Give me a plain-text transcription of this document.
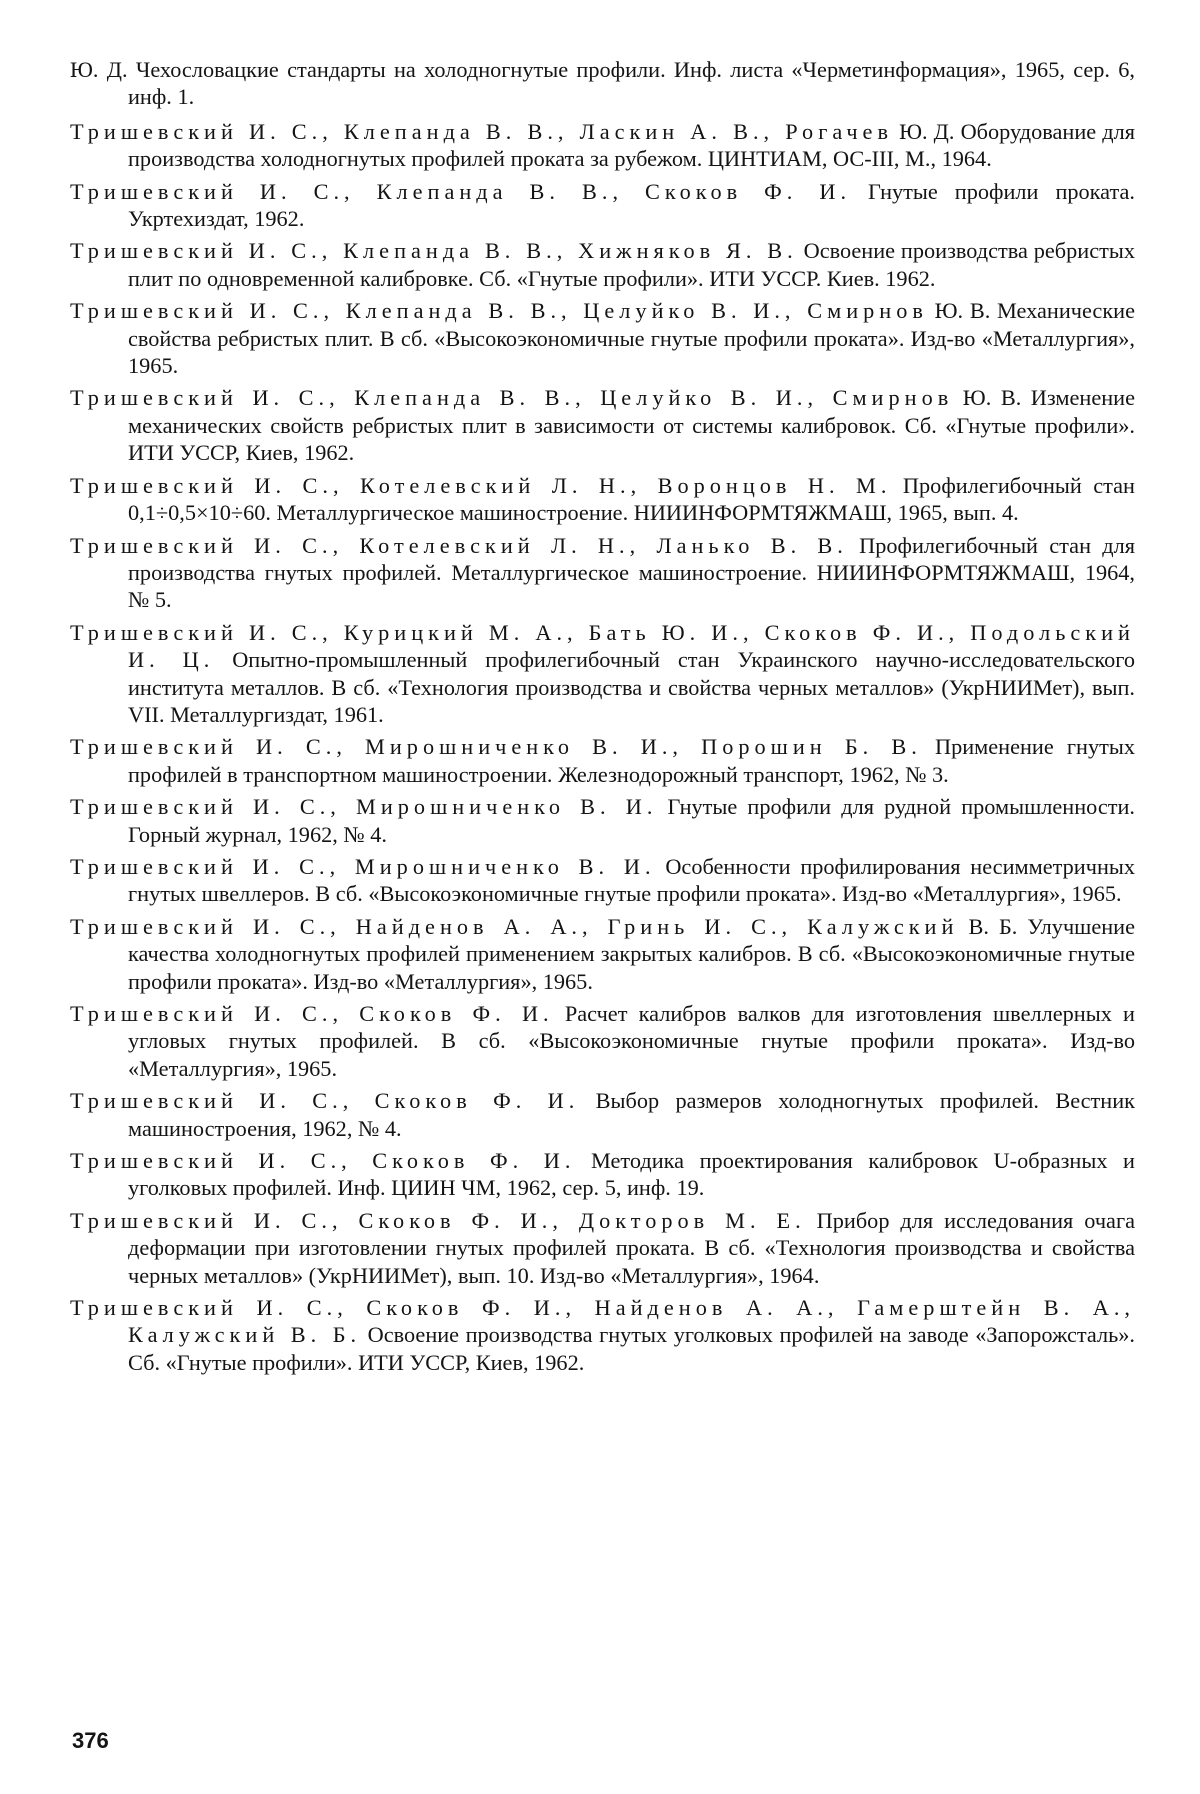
Ю. Д. Чехословацкие стандарты на холодногнутые профили. Инф. листа «Черметинформация», 1965, сер. 6, инф. 1.

Тришевский И. С., Клепанда В. В., Ласкин А. В., Рогачев Ю. Д. Оборудование для производства холодногнутых профилей проката за рубежом. ЦИНТИАМ, ОС-III, М., 1964.

Тришевский И. С., Клепанда В. В., Скоков Ф. И. Гнутые профили проката. Укртехиздат, 1962.

Тришевский И. С., Клепанда В. В., Хижняков Я. В. Освоение производства ребристых плит по одновременной калибровке. Сб. «Гнутые профили». ИТИ УССР. Киев. 1962.

Тришевский И. С., Клепанда В. В., Целуйко В. И., Смирнов Ю. В. Механические свойства ребристых плит. В сб. «Высокоэкономичные гнутые профили проката». Изд-во «Металлургия», 1965.

Тришевский И. С., Клепанда В. В., Целуйко В. И., Смирнов Ю. В. Изменение механических свойств ребристых плит в зависимости от системы калибровок. Сб. «Гнутые профили». ИТИ УССР, Киев, 1962.

Тришевский И. С., Котелевский Л. Н., Воронцов Н. М. Профилегибочный стан 0,1÷0,5×10÷60. Металлургическое машиностроение. НИИИНФОРМТЯЖМАШ, 1965, вып. 4.

Тришевский И. С., Котелевский Л. Н., Ланько В. В. Профилегибочный стан для производства гнутых профилей. Металлургическое машиностроение. НИИИНФОРМТЯЖМАШ, 1964, № 5.

Тришевский И. С., Курицкий М. А., Бать Ю. И., Скоков Ф. И., Подольский И. Ц. Опытно-промышленный профилегибочный стан Украинского научно-исследовательского института металлов. В сб. «Технология производства и свойства черных металлов» (УкрНИИМет), вып. VII. Металлургиздат, 1961.

Тришевский И. С., Мирошниченко В. И., Порошин Б. В. Применение гнутых профилей в транспортном машиностроении. Железнодорожный транспорт, 1962, № 3.

Тришевский И. С., Мирошниченко В. И. Гнутые профили для рудной промышленности. Горный журнал, 1962, № 4.

Тришевский И. С., Мирошниченко В. И. Особенности профилирования несимметричных гнутых швеллеров. В сб. «Высокоэкономичные гнутые профили проката». Изд-во «Металлургия», 1965.

Тришевский И. С., Найденов А. А., Гринь И. С., Калужский В. Б. Улучшение качества холодногнутых профилей применением закрытых калибров. В сб. «Высокоэкономичные гнутые профили проката». Изд-во «Металлургия», 1965.

Тришевский И. С., Скоков Ф. И. Расчет калибров валков для изготовления швеллерных и угловых гнутых профилей. В сб. «Высокоэкономичные гнутые профили проката». Изд-во «Металлургия», 1965.

Тришевский И. С., Скоков Ф. И. Выбор размеров холодногнутых профилей. Вестник машиностроения, 1962, № 4.

Тришевский И. С., Скоков Ф. И. Методика проектирования калибровок U-образных и уголковых профилей. Инф. ЦИИН ЧМ, 1962, сер. 5, инф. 19.

Тришевский И. С., Скоков Ф. И., Докторов М. Е. Прибор для исследования очага деформации при изготовлении гнутых профилей проката. В сб. «Технология производства и свойства черных металлов» (УкрНИИМет), вып. 10. Изд-во «Металлургия», 1964.

Тришевский И. С., Скоков Ф. И., Найденов А. А., Гамерштейн В. А., Калужский В. Б. Освоение производства гнутых уголковых профилей на заводе «Запорожсталь». Сб. «Гнутые профили». ИТИ УССР, Киев, 1962.

376
